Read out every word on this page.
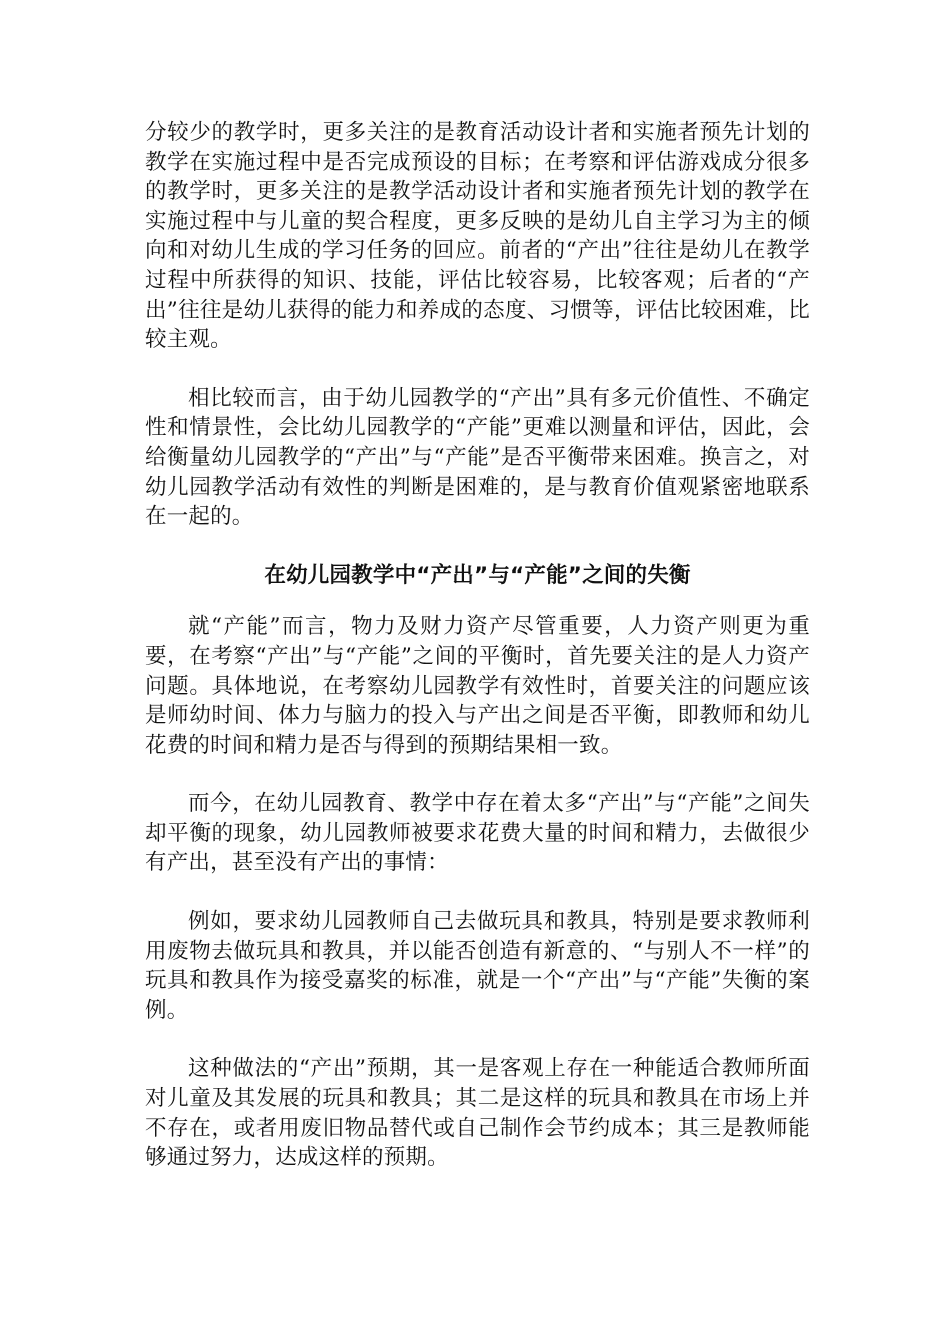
分较少的教学时，更多关注的是教育活动设计者和实施者预先计划的教学在实施过程中是否完成预设的目标；在考察和评估游戏成分很多的教学时，更多关注的是教学活动设计者和实施者预先计划的教学在实施过程中与儿童的契合程度，更多反映的是幼儿自主学习为主的倾向和对幼儿生成的学习任务的回应。前者的“产出”往往是幼儿在教学过程中所获得的知识、技能，评估比较容易，比较客观；后者的“产出”往往是幼儿获得的能力和养成的态度、习惯等，评估比较困难，比较主观。

相比较而言，由于幼儿园教学的“产出”具有多元价值性、不确定性和情景性，会比幼儿园教学的“产能”更难以测量和评估，因此，会给衡量幼儿园教学的“产出”与“产能”是否平衡带来困难。换言之，对幼儿园教学活动有效性的判断是困难的，是与教育价值观紧密地联系在一起的。

在幼儿园教学中“产出”与“产能”之间的失衡

就“产能”而言，物力及财力资产尽管重要，人力资产则更为重要，在考察“产出”与“产能”之间的平衡时，首先要关注的是人力资产问题。具体地说，在考察幼儿园教学有效性时，首要关注的问题应该是师幼时间、体力与脑力的投入与产出之间是否平衡，即教师和幼儿花费的时间和精力是否与得到的预期结果相一致。

而今，在幼儿园教育、教学中存在着太多“产出”与“产能”之间失却平衡的现象，幼儿园教师被要求花费大量的时间和精力，去做很少有产出，甚至没有产出的事情：

例如，要求幼儿园教师自己去做玩具和教具，特别是要求教师利用废物去做玩具和教具，并以能否创造有新意的、“与别人不一样”的玩具和教具作为接受嘉奖的标准，就是一个“产出”与“产能”失衡的案例。

这种做法的“产出”预期，其一是客观上存在一种能适合教师所面对儿童及其发展的玩具和教具；其二是这样的玩具和教具在市场上并不存在，或者用废旧物品替代或自己制作会节约成本；其三是教师能够通过努力，达成这样的预期。
